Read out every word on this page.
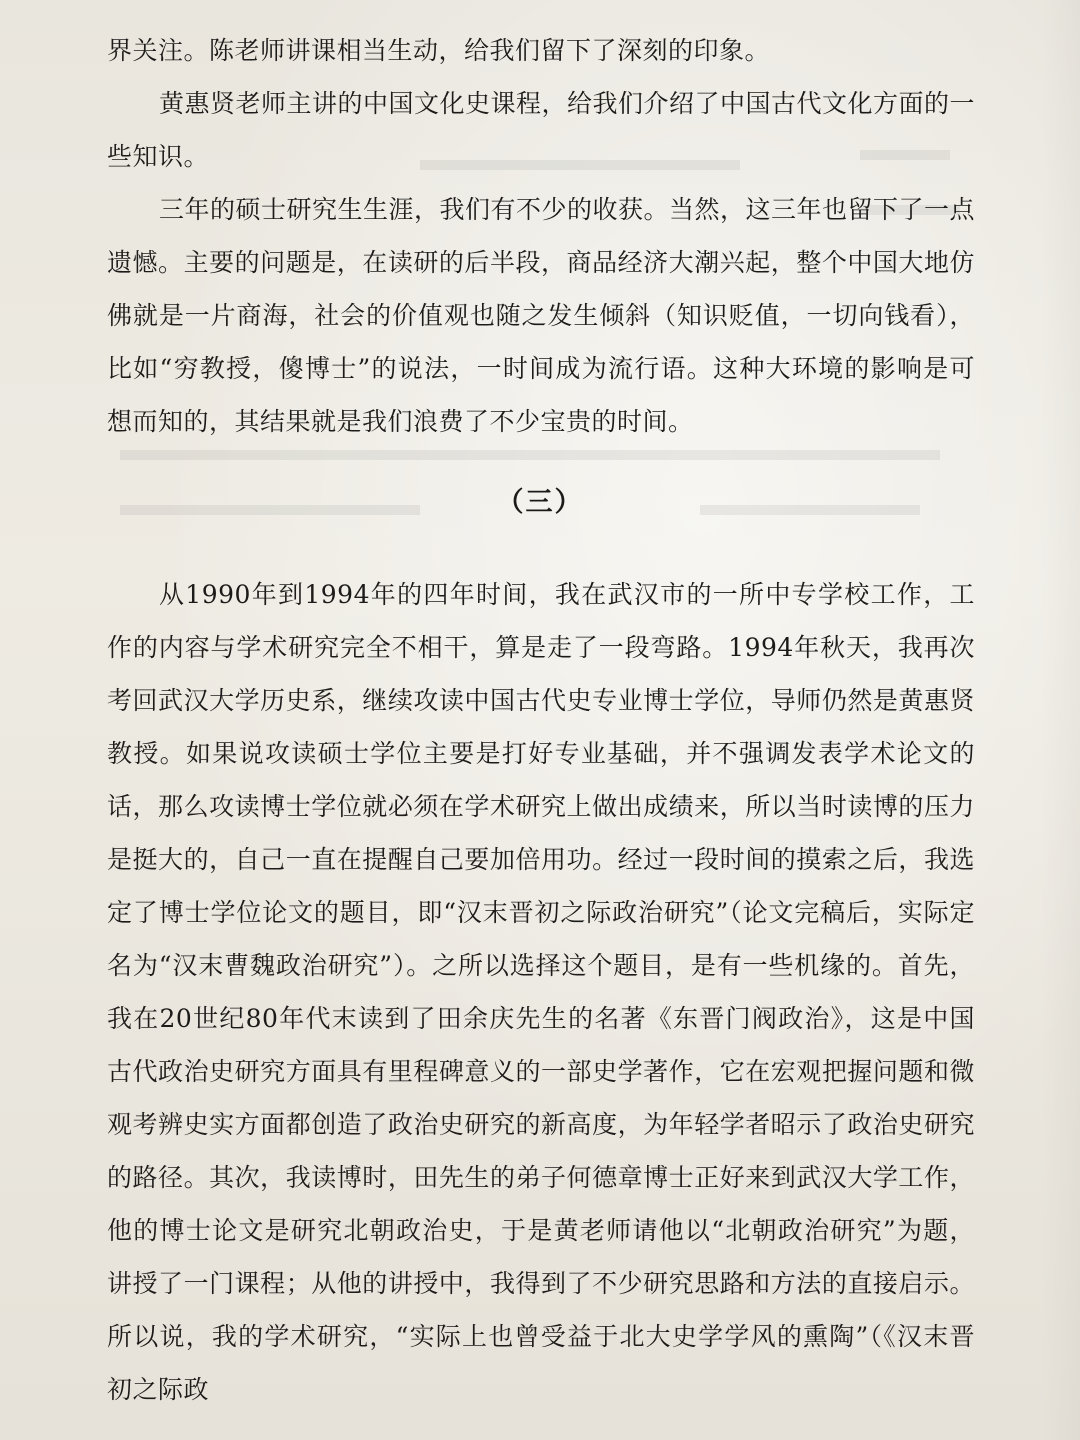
界关注。陈老师讲课相当生动，给我们留下了深刻的印象。

黄惠贤老师主讲的中国文化史课程，给我们介绍了中国古代文化方面的一些知识。

三年的硕士研究生生涯，我们有不少的收获。当然，这三年也留下了一点遗憾。主要的问题是，在读研的后半段，商品经济大潮兴起，整个中国大地仿佛就是一片商海，社会的价值观也随之发生倾斜（知识贬值，一切向钱看），比如“穷教授，傻博士”的说法，一时间成为流行语。这种大环境的影响是可想而知的，其结果就是我们浪费了不少宝贵的时间。

（三）

从1990年到1994年的四年时间，我在武汉市的一所中专学校工作，工作的内容与学术研究完全不相干，算是走了一段弯路。1994年秋天，我再次考回武汉大学历史系，继续攻读中国古代史专业博士学位，导师仍然是黄惠贤教授。如果说攻读硕士学位主要是打好专业基础，并不强调发表学术论文的话，那么攻读博士学位就必须在学术研究上做出成绩来，所以当时读博的压力是挺大的，自己一直在提醒自己要加倍用功。经过一段时间的摸索之后，我选定了博士学位论文的题目，即“汉末晋初之际政治研究”（论文完稿后，实际定名为“汉末曹魏政治研究”）。之所以选择这个题目，是有一些机缘的。首先，我在20世纪80年代末读到了田余庆先生的名著《东晋门阀政治》，这是中国古代政治史研究方面具有里程碑意义的一部史学著作，它在宏观把握问题和微观考辨史实方面都创造了政治史研究的新高度，为年轻学者昭示了政治史研究的路径。其次，我读博时，田先生的弟子何德章博士正好来到武汉大学工作，他的博士论文是研究北朝政治史，于是黄老师请他以“北朝政治研究”为题，讲授了一门课程；从他的讲授中，我得到了不少研究思路和方法的直接启示。所以说，我的学术研究，“实际上也曾受益于北大史学学风的熏陶”（《汉末晋初之际政
